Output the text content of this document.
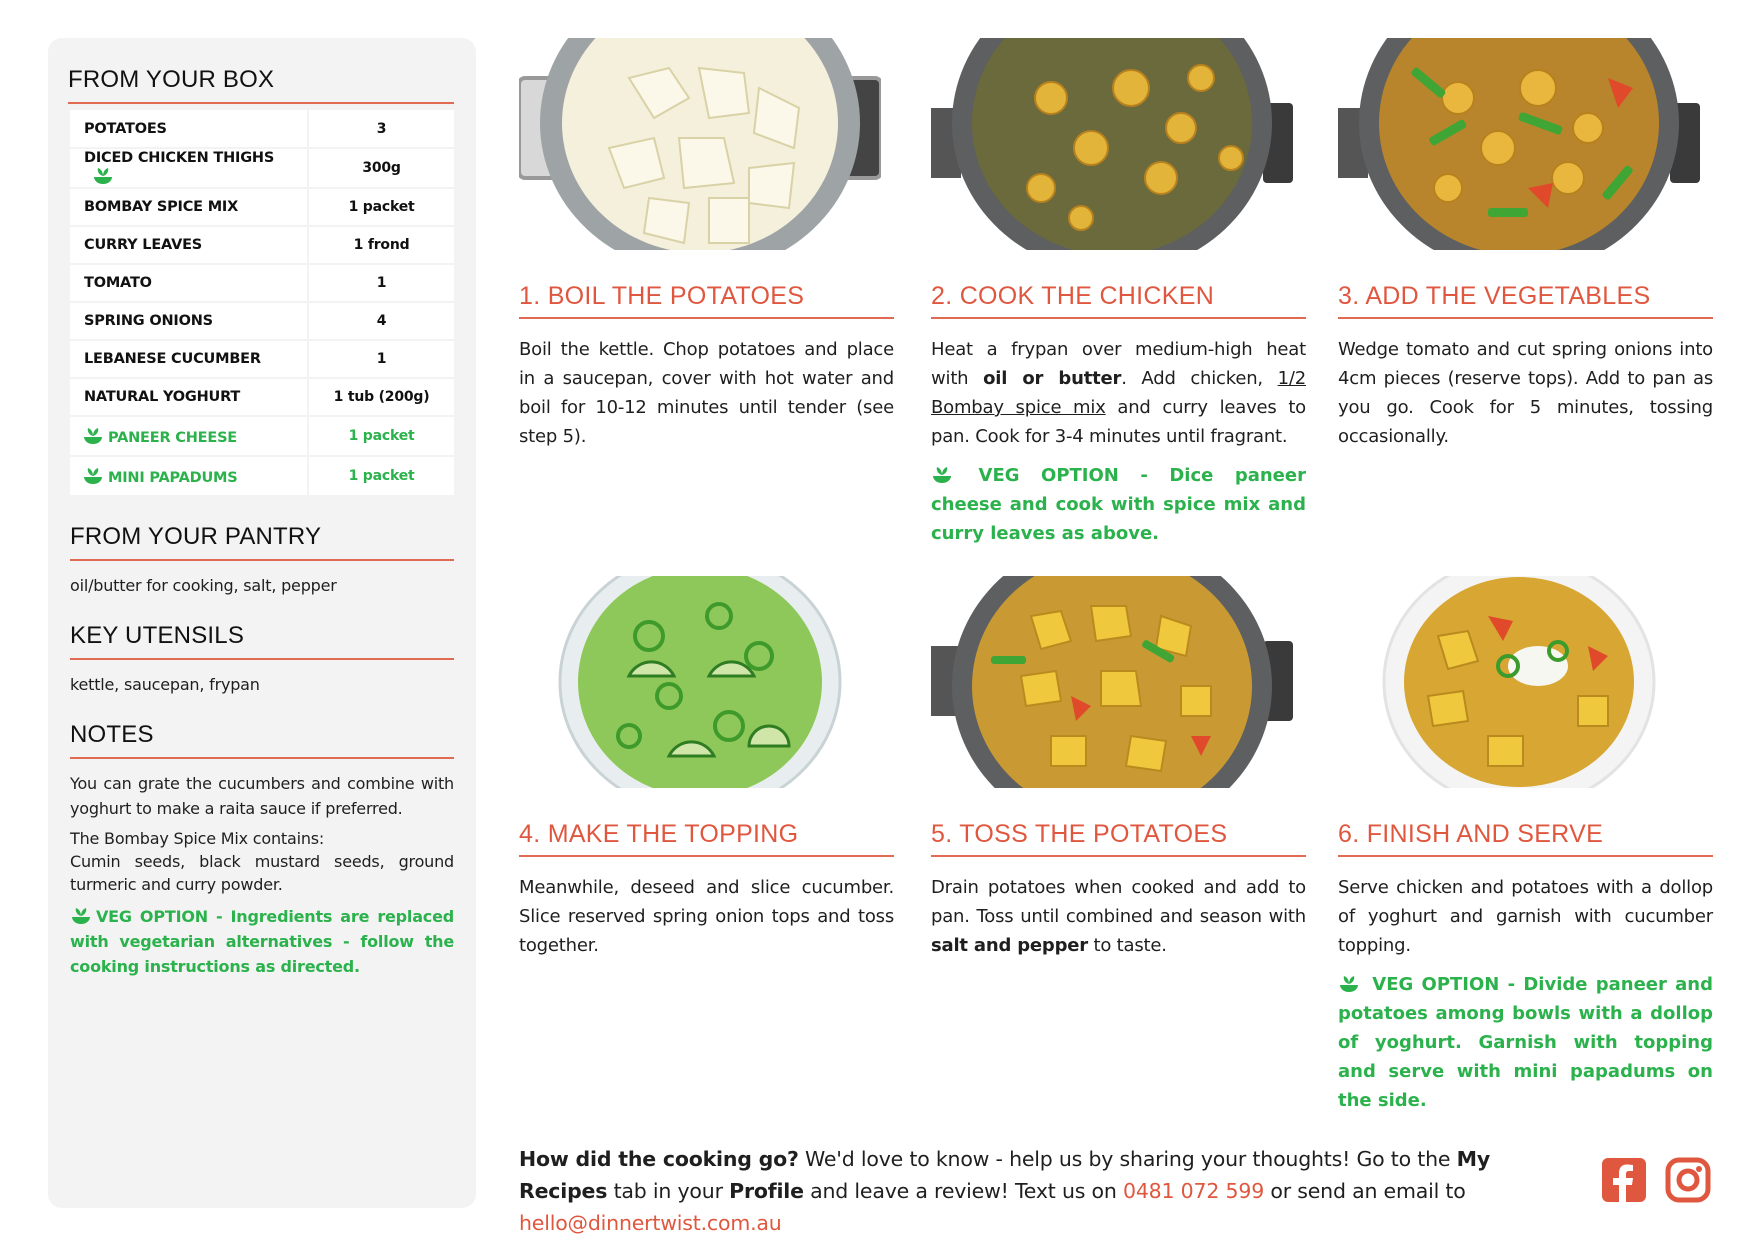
FROM YOUR BOX
POTATOES	3
DICED CHICKEN THIGHS	300g
BOMBAY SPICE MIX	1 packet
CURRY LEAVES	1 frond
TOMATO	1
SPRING ONIONS	4
LEBANESE CUCUMBER	1
NATURAL YOGHURT	1 tub (200g)

PANEER CHEESE	1 packet

MINI PAPADUMS	1 packet
FROM YOUR PANTRY
oil/butter for cooking, salt, pepper
KEY UTENSILS
kettle, saucepan, frypan
NOTES
You can grate the cucumbers and combine with yoghurt to make a raita sauce if preferred.
The Bombay Spice Mix contains:
Cumin seeds, black mustard seeds, ground turmeric and curry powder.
VEG OPTION - Ingredients are replaced with vegetarian alternatives - follow the cooking instructions as directed.
1. BOIL THE POTATOES
Boil the kettle. Chop potatoes and place in a saucepan, cover with hot water and boil for 10-12 minutes until tender (see step 5).
2. COOK THE CHICKEN
Heat a frypan over medium-high heat with oil or butter. Add chicken, 1/2 Bombay spice mix and curry leaves to pan. Cook for 3-4 minutes until fragrant.
VEG OPTION - Dice paneer cheese and cook with spice mix and curry leaves as above.
3. ADD THE VEGETABLES
Wedge tomato and cut spring onions into 4cm pieces (reserve tops). Add to pan as you go. Cook for 5 minutes, tossing occasionally.
4. MAKE THE TOPPING
Meanwhile, deseed and slice cucumber. Slice reserved spring onion tops and toss together.
5. TOSS THE POTATOES
Drain potatoes when cooked and add to pan. Toss until combined and season with salt and pepper to taste.
6. FINISH AND SERVE
Serve chicken and potatoes with a dollop of yoghurt and garnish with cucumber topping.
VEG OPTION - Divide paneer and potatoes among bowls with a dollop of yoghurt. Garnish with topping and serve with mini papadums on the side.
How did the cooking go? We'd love to know - help us by sharing your thoughts! Go to the My Recipes tab in your Profile and leave a review! Text us on 0481 072 599 or send an email to hello@dinnertwist.com.au
